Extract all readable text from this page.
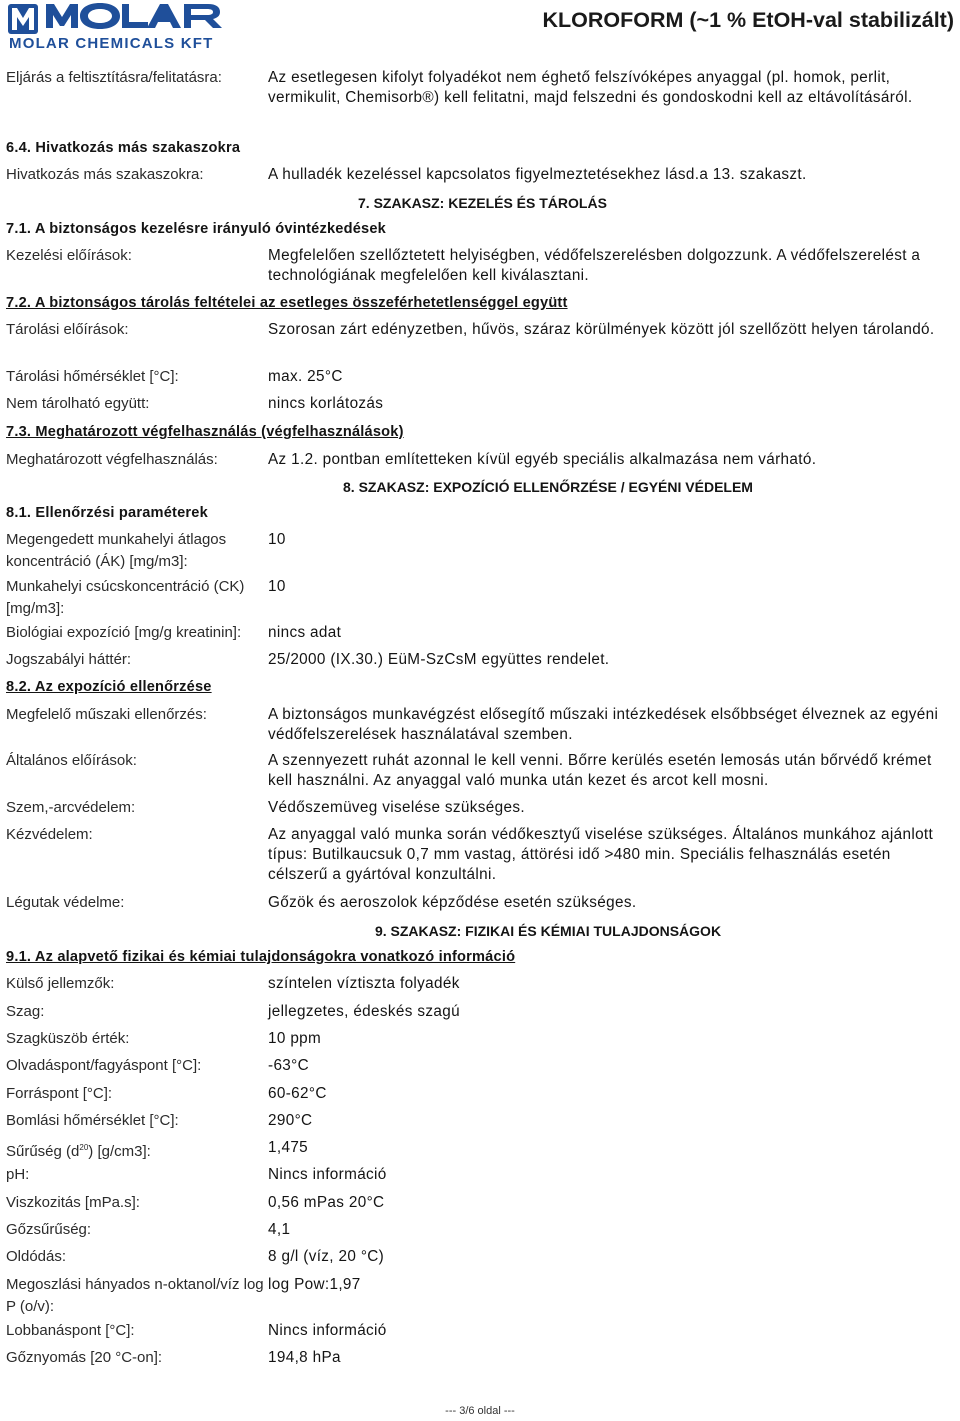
MOLAR CHEMICALS KFT
KLOROFORM (~1 % EtOH-val stabilizált)
Eljárás a feltisztításra/felitatásra:	Az esetlegesen kifolyt folyadékot nem éghető felszívóképes anyaggal (pl. homok, perlit, vermikulit, Chemisorb®) kell felitatni, majd felszedni és gondoskodni kell az eltávolításáról.
6.4. Hivatkozás más szakaszokra
Hivatkozás más szakaszokra:	A hulladék kezeléssel kapcsolatos figyelmeztetésekhez lásd.a 13. szakaszt.
7. SZAKASZ: KEZELÉS ÉS TÁROLÁS
7.1. A biztonságos kezelésre irányuló óvintézkedések
Kezelési előírások:	Megfelelően szellőztetett helyiségben, védőfelszerelésben dolgozzunk. A védőfelszerelést a technológiának megfelelően kell kiválasztani.
7.2. A biztonságos tárolás feltételei az esetleges összeférhetetlenséggel együtt
Tárolási előírások:	Szorosan zárt edényzetben, hűvös, száraz körülmények között jól szellőzött helyen tárolandó.
Tárolási hőmérséklet [°C]:	max. 25°C
Nem tárolható együtt:	nincs korlátozás
7.3. Meghatározott végfelhasználás (végfelhasználások)
Meghatározott végfelhasználás:	Az 1.2. pontban említetteken kívül egyéb speciális alkalmazása nem várható.
8. SZAKASZ: EXPOZÍCIÓ ELLENŐRZÉSE / EGYÉNI VÉDELEM
8.1. Ellenőrzési paraméterek
Megengedett munkahelyi átlagos koncentráció (ÁK) [mg/m3]:
10
Munkahelyi csúcskoncentráció (CK) [mg/m3]:
10
Biológiai expozíció [mg/g kreatinin]:	nincs adat
Jogszabályi háttér:	25/2000 (IX.30.) EüM-SzCsM együttes rendelet.
8.2. Az expozíció ellenőrzése
Megfelelő műszaki ellenőrzés:	A biztonságos munkavégzést elősegítő műszaki intézkedések elsőbbséget élveznek az egyéni védőfelszerelések használatával szemben.
Általános előírások:	A szennyezett ruhát azonnal le kell venni. Bőrre kerülés esetén lemosás után bőrvédő krémet kell használni. Az anyaggal való munka után kezet és arcot kell mosni.
Szem,-arcvédelem:	Védőszemüveg viselése szükséges.
Kézvédelem:	Az anyaggal való munka során védőkesztyű viselése szükséges. Általános munkához ajánlott típus: Butilkaucsuk 0,7 mm vastag, áttörési idő >480 min. Speciális felhasználás esetén célszerű a gyártóval konzultálni.
Légutak védelme:	Gőzök és aeroszolok képződése esetén szükséges.
9. SZAKASZ: FIZIKAI ÉS KÉMIAI TULAJDONSÁGOK
9.1. Az alapvető fizikai és kémiai tulajdonságokra vonatkozó információ
Külső jellemzők:	színtelen víztiszta folyadék
Szag:	jellegzetes, édeskés szagú
Szagküszöb érték:	10 ppm
Olvadáspont/fagyáspont [°C]:	-63°C
Forráspont [°C]:	60-62°C
Bomlási hőmérséklet [°C]:	290°C
Sűrűség $(d^{20})$ [g/cm3]:	1,475
pH:	Nincs információ
Viszkozitás [mPa.s]:	0,56 mPas 20°C
Gőzsűrűség:	4,1
Oldódás:	8 g/l (víz, 20 °C)
Megoszlási hányados n-oktanol/víz log P (o/v):
log Pow:1,97
Lobbanáspont [°C]:	Nincs információ
Gőznyomás [20 °C-on]:	194,8 hPa
--- 3/6 oldal ---
